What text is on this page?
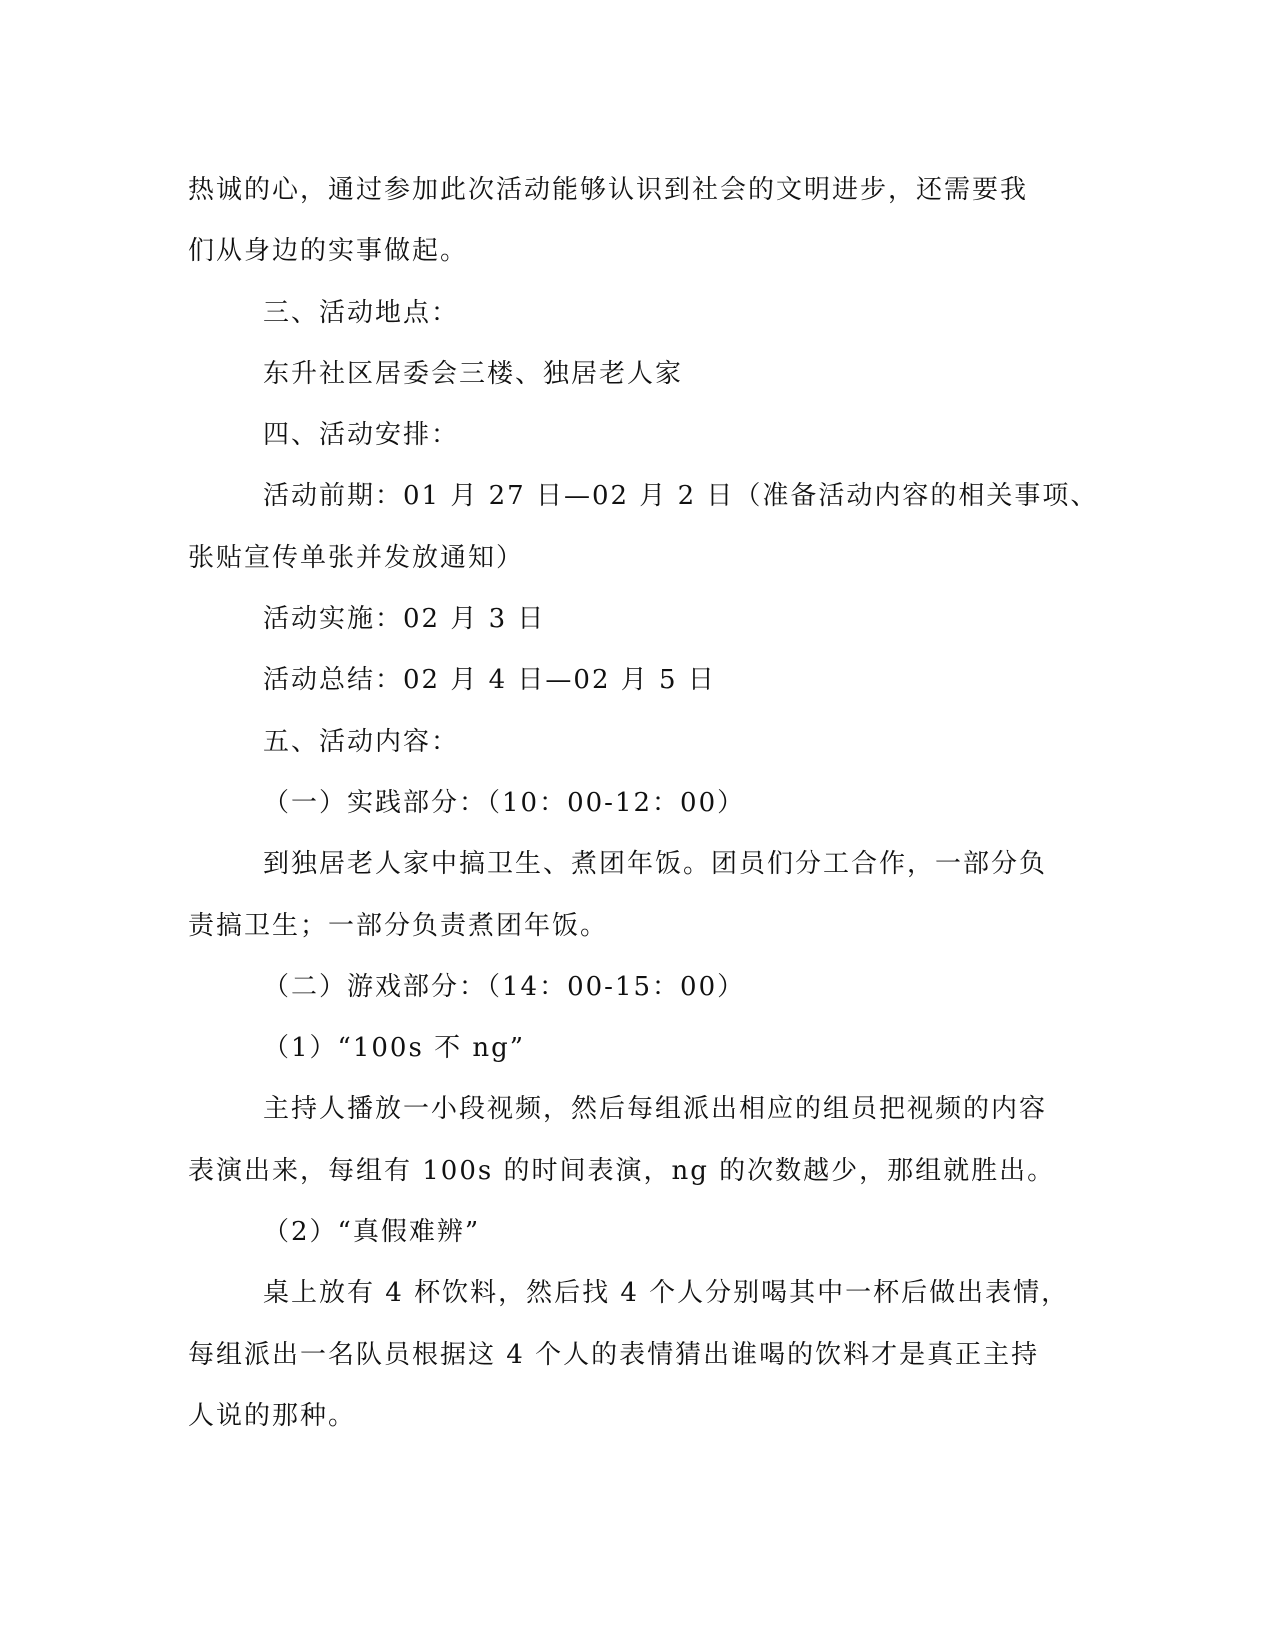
热诚的心，通过参加此次活动能够认识到社会的文明进步，还需要我
们从身边的实事做起。
三、活动地点：
东升社区居委会三楼、独居老人家
四、活动安排：
活动前期：01 月 27 日—02 月 2 日（准备活动内容的相关事项、
张贴宣传单张并发放通知）
活动实施：02 月 3 日
活动总结：02 月 4 日—02 月 5 日
五、活动内容：
（一）实践部分：（10：00-12：00）
到独居老人家中搞卫生、煮团年饭。团员们分工合作，一部分负
责搞卫生；一部分负责煮团年饭。
（二）游戏部分：（14：00-15：00）
（1）“100s 不 ng”
主持人播放一小段视频，然后每组派出相应的组员把视频的内容
表演出来，每组有 100s 的时间表演，ng 的次数越少，那组就胜出。
（2）“真假难辨”
桌上放有 4 杯饮料，然后找 4 个人分别喝其中一杯后做出表情，
每组派出一名队员根据这 4 个人的表情猜出谁喝的饮料才是真正主持
人说的那种。
